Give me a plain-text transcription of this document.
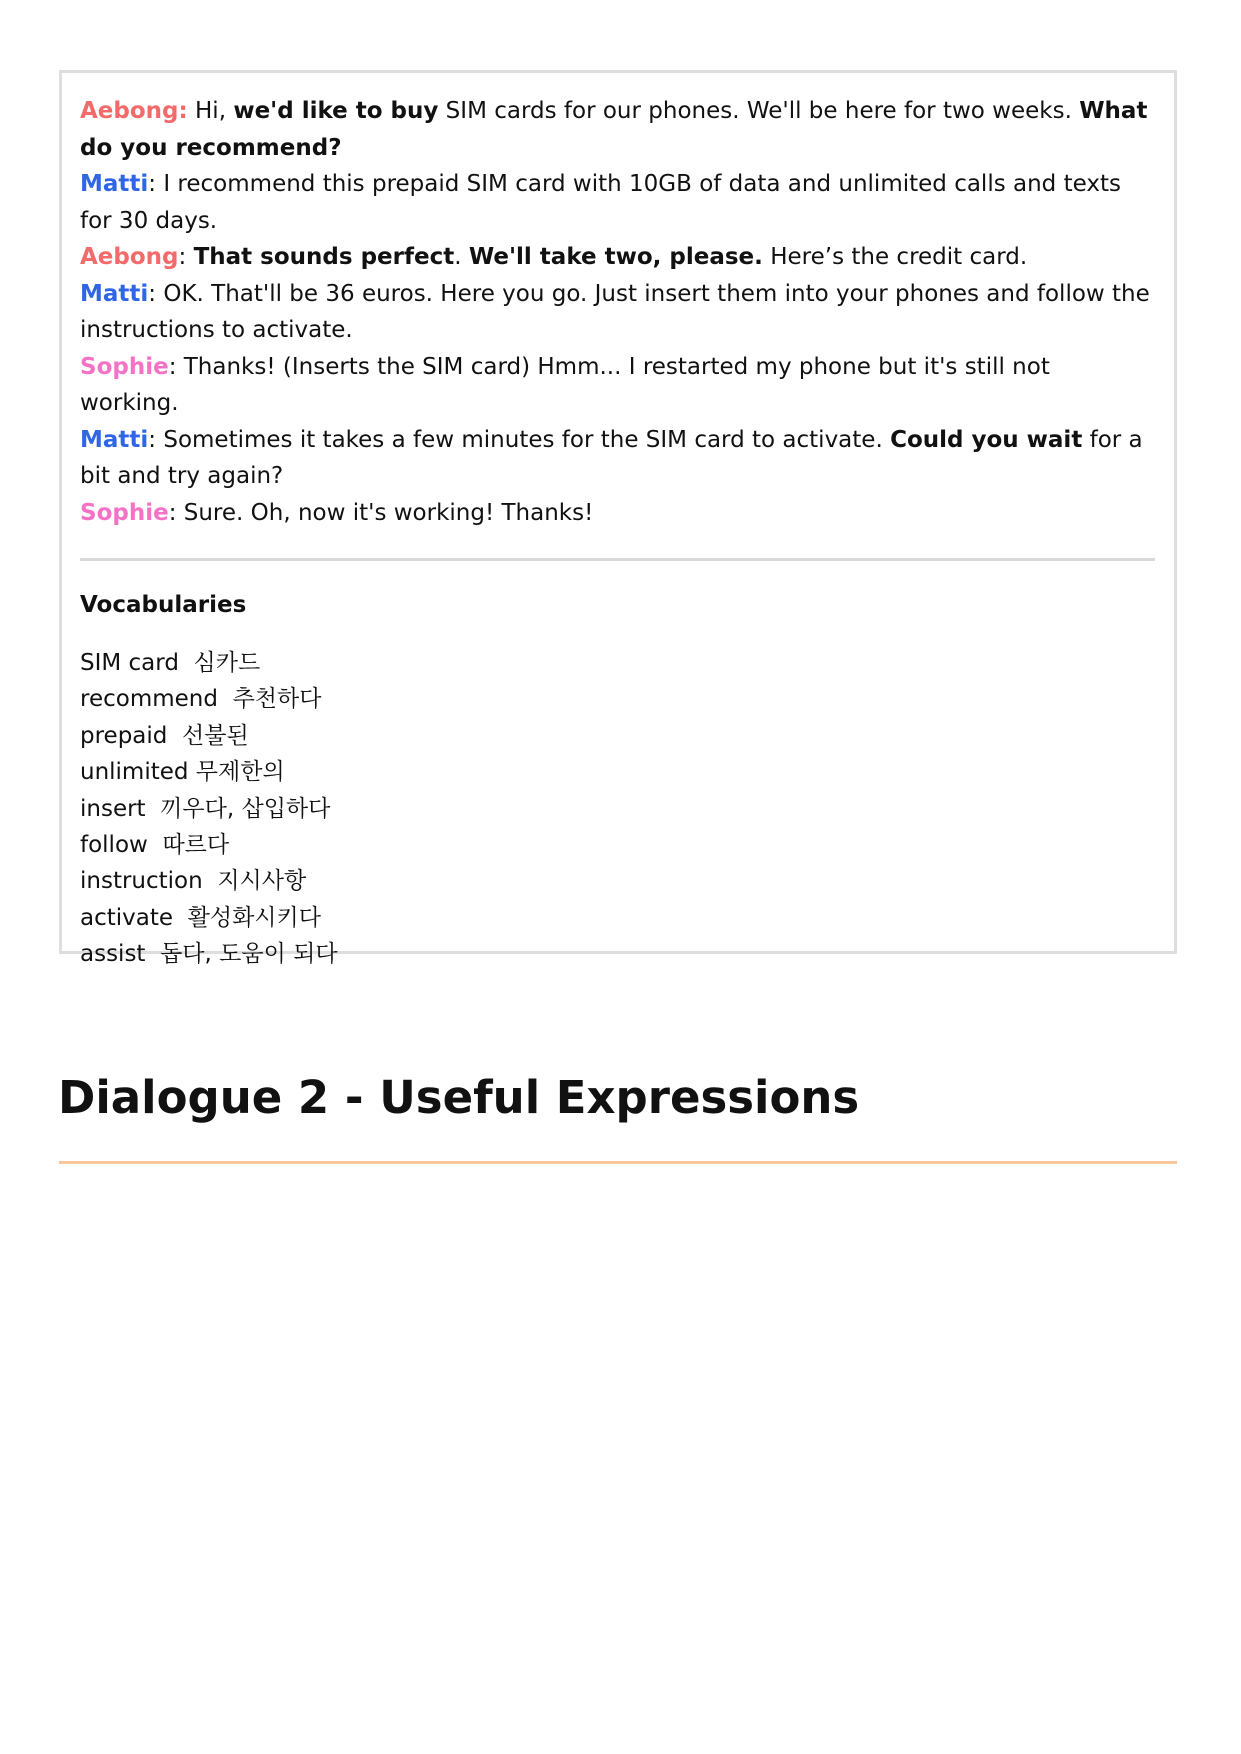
Aebong: Hi, we'd like to buy SIM cards for our phones. We'll be here for two weeks. What do you recommend?

Matti: I recommend this prepaid SIM card with 10GB of data and unlimited calls and texts for 30 days.

Aebong: That sounds perfect. We'll take two, please. Here’s the credit card.

Matti: OK. That'll be 36 euros. Here you go. Just insert them into your phones and follow the instructions to activate.

Sophie: Thanks! (Inserts the SIM card) Hmm... I restarted my phone but it's still not working.

Matti: Sometimes it takes a few minutes for the SIM card to activate. Could you wait for a bit and try again?

Sophie: Sure. Oh, now it's working! Thanks!

Vocabularies

SIM card  심카드

recommend  추천하다

prepaid  선불된

unlimited 무제한의

insert  끼우다, 삽입하다

follow  따르다

instruction  지시사항

activate  활성화시키다

assist  돕다, 도움이 되다

Dialogue 2 - Useful Expressions
